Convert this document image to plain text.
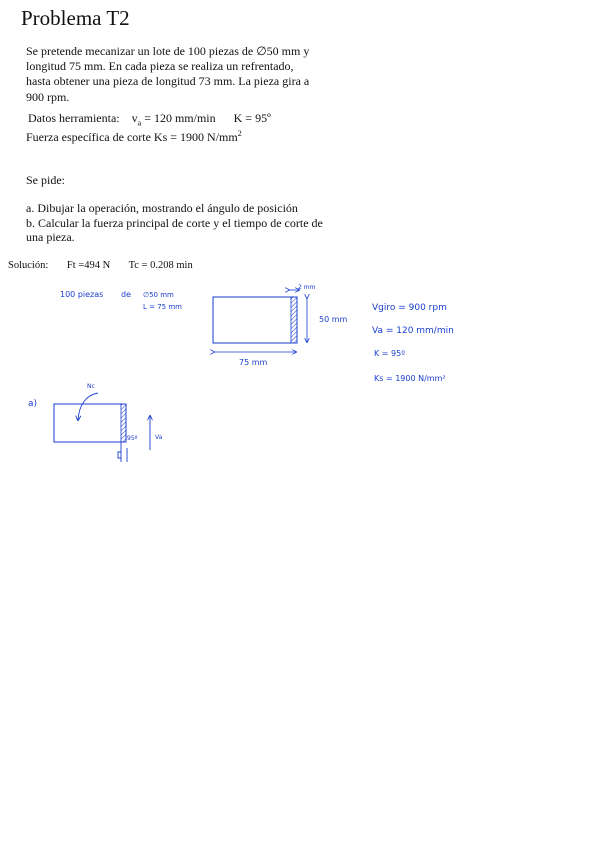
Problema T2
Se pretende mecanizar un lote de 100 piezas de ∅50 mm y
longitud 75 mm. En cada pieza se realiza un refrentado,
hasta obtener una pieza de longitud 73 mm. La pieza gira a
900 rpm.
Datos herramienta: $v_a = 120$ mm/min K = 95º
Fuerza específica de corte Ks = 1900 $N/mm^2$
Se pide:
a. Dibujar la operación, mostrando el ángulo de posición
b. Calcular la fuerza principal de corte y el tiempo de corte de
una pieza.
Solución: Ft =494 N Tc = 0.208 min
100 piezas de ∅50 mm
L = 75 mm
2 mm
50 mm
75 mm
Vgiro = 900 rpm
Va = 120 mm/min
K = 95º
Ks = 1900 N/mm²
a)
Nc
95º	Va
